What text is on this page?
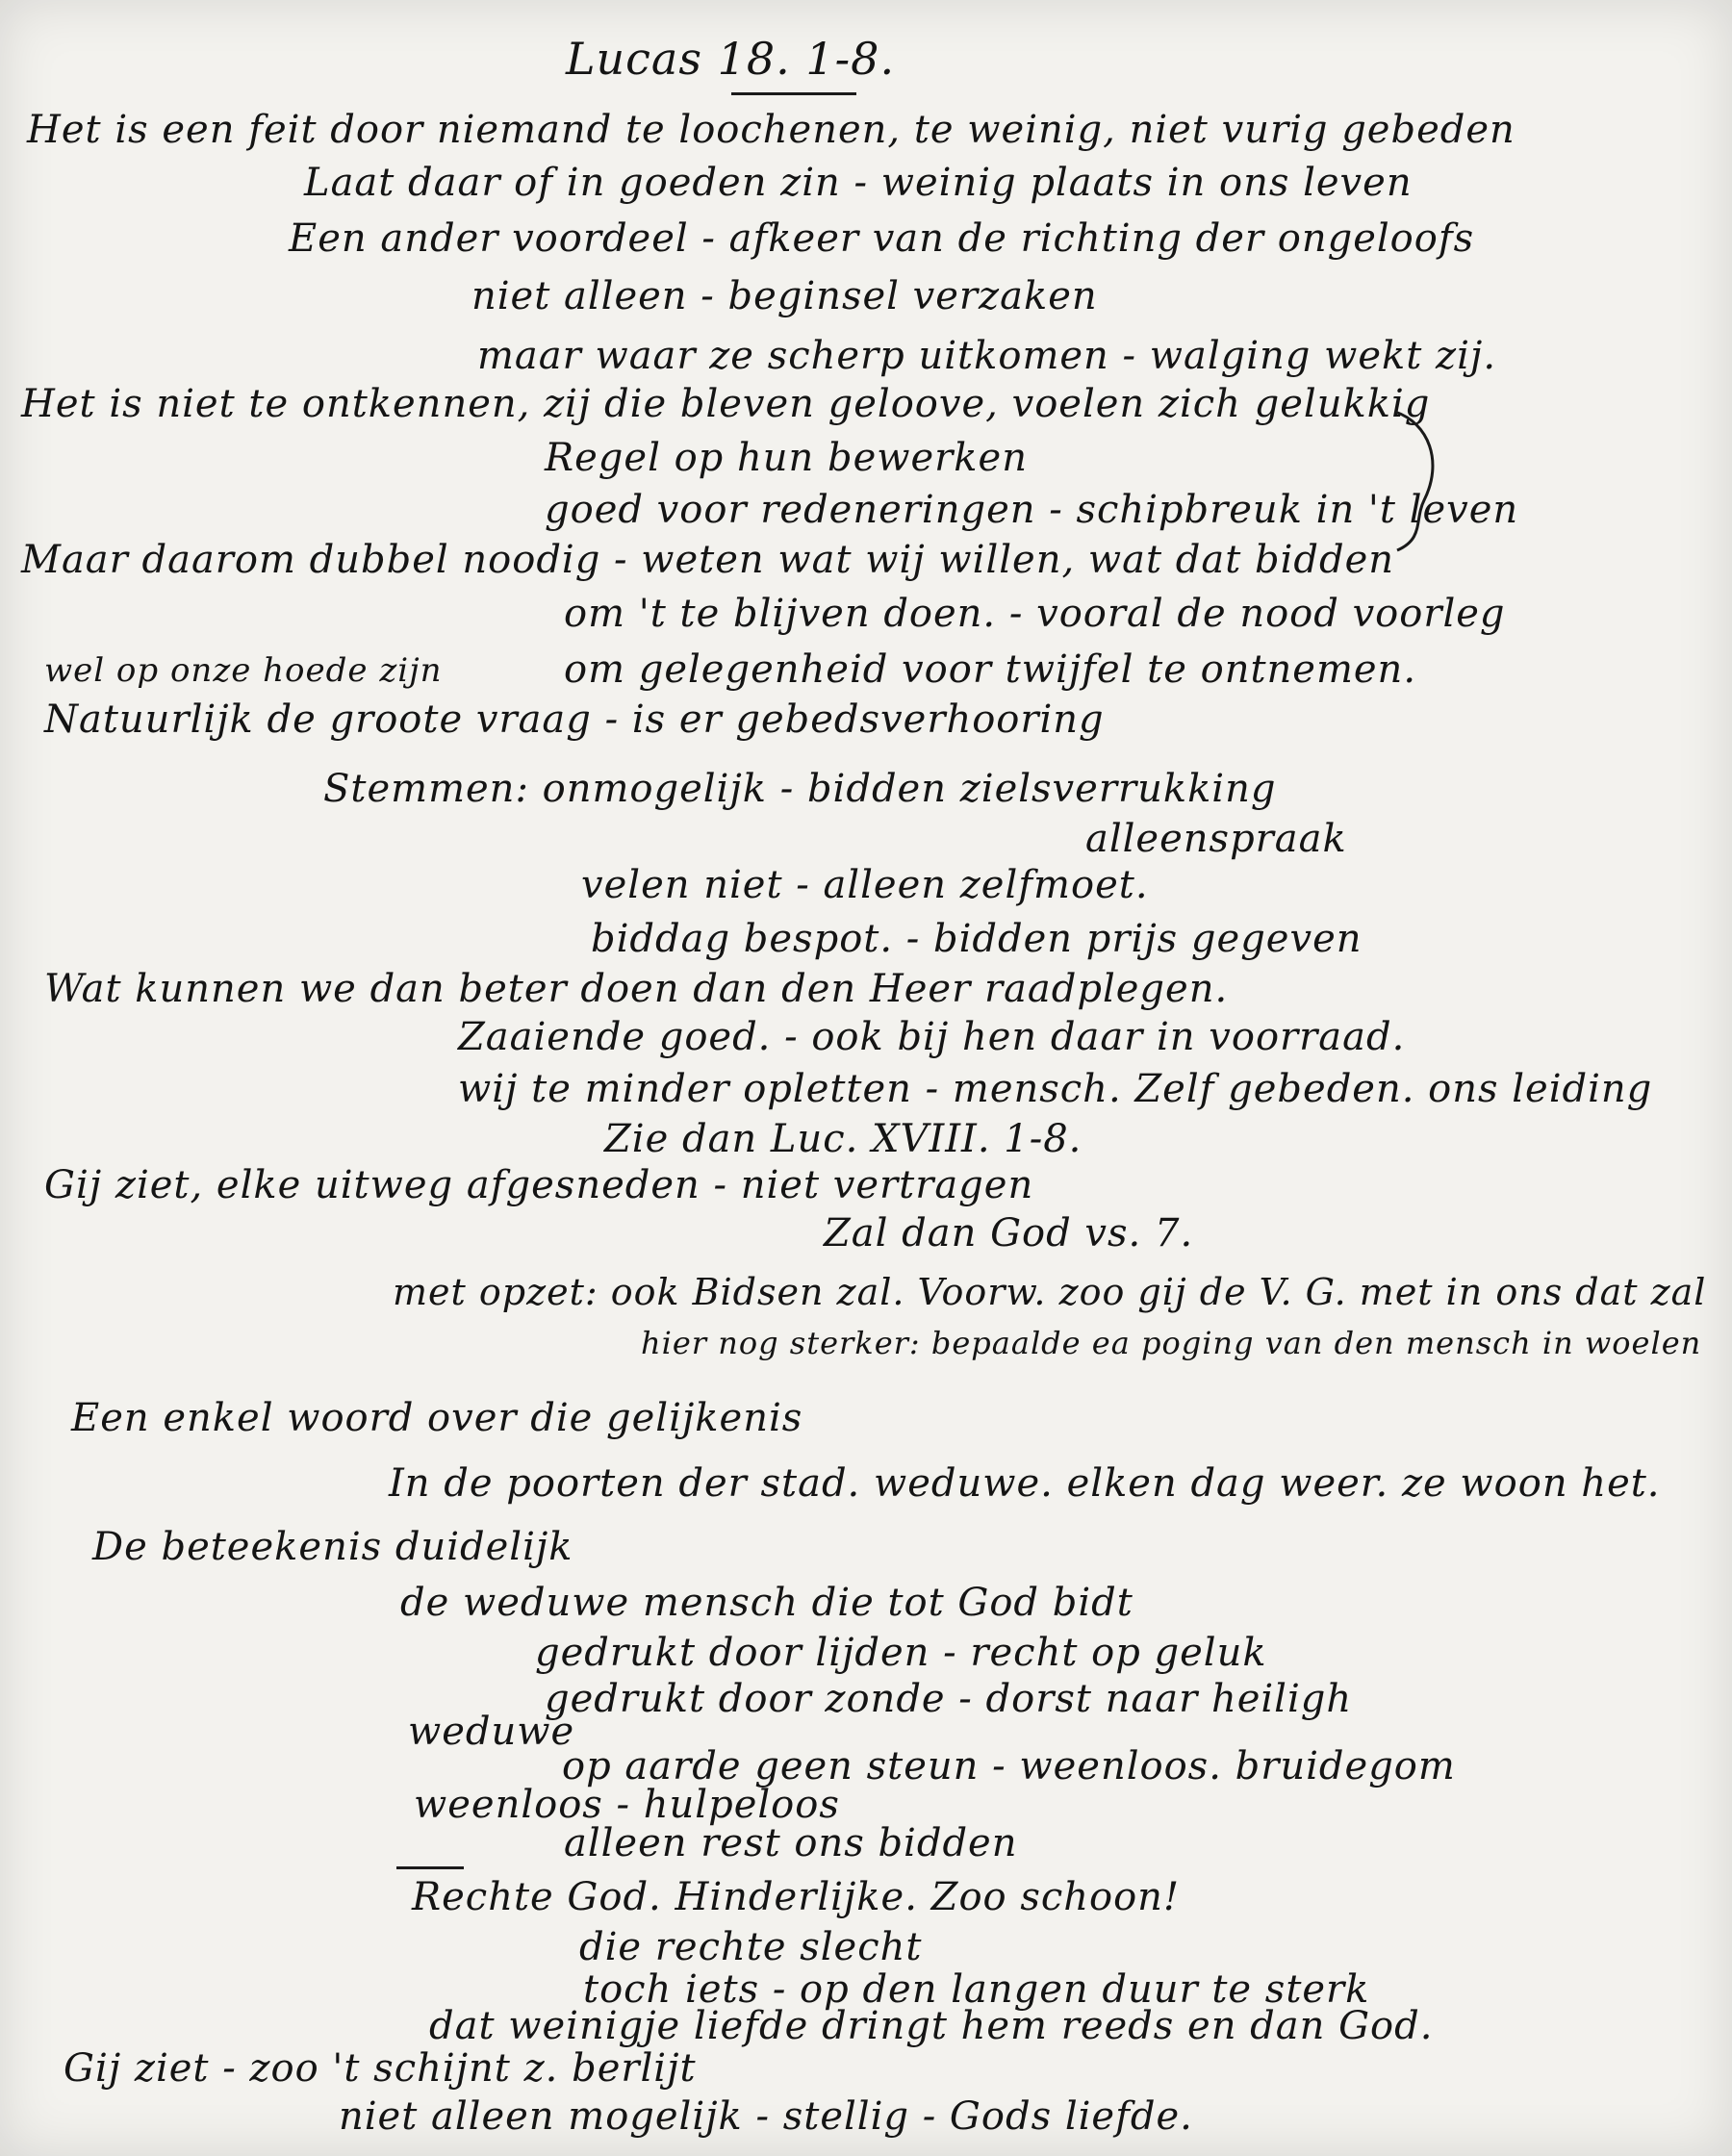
Lucas 18. 1-8.
Het is een feit door niemand te loochenen, te weinig, niet vurig gebeden
Laat daar of in goeden zin - weinig plaats in ons leven
Een ander voordeel - afkeer van de richting der ongeloofs
niet alleen - beginsel verzaken
maar waar ze scherp uitkomen - walging wekt zij.
Het is niet te ontkennen, zij die bleven geloove, voelen zich gelukkig
Regel op hun bewerken
goed voor redeneringen - schipbreuk in 't leven
Maar daarom dubbel noodig - weten wat wij willen, wat dat bidden
om 't te blijven doen. - vooral de nood voorleg
om gelegenheid voor twijfel te ontnemen.
wel op onze hoede zijn
Natuurlijk de groote vraag - is er gebedsverhooring
Stemmen: onmogelijk - bidden zielsverrukking
alleenspraak
velen niet - alleen zelfmoet.
biddag bespot. - bidden prijs gegeven
Wat kunnen we dan beter doen dan den Heer raadplegen.
Zaaiende goed. - ook bij hen daar in voorraad.
wij te minder opletten - mensch. Zelf gebeden. ons leiding
Zie dan Luc. XVIII. 1-8.
Gij ziet, elke uitweg afgesneden - niet vertragen
Zal dan God vs. 7.
met opzet: ook Bidsen zal. Voorw. zoo gij de V. G. met in ons dat zal
hier nog sterker: bepaalde ea poging van den mensch in woelen
Een enkel woord over die gelijkenis
In de poorten der stad. weduwe. elken dag weer. ze woon het.
De beteekenis duidelijk
de weduwe mensch die tot God bidt
gedrukt door lijden - recht op geluk
gedrukt door zonde - dorst naar heiligh
weduwe
op aarde geen steun - weenloos. bruidegom
weenloos - hulpeloos
alleen rest ons bidden
Rechte God. Hinderlijke. Zoo schoon!
die rechte slecht
toch iets - op den langen duur te sterk
dat weinigje liefde dringt hem reeds en dan God.
Gij ziet - zoo 't schijnt z. berlijt
niet alleen mogelijk - stellig - Gods liefde.
